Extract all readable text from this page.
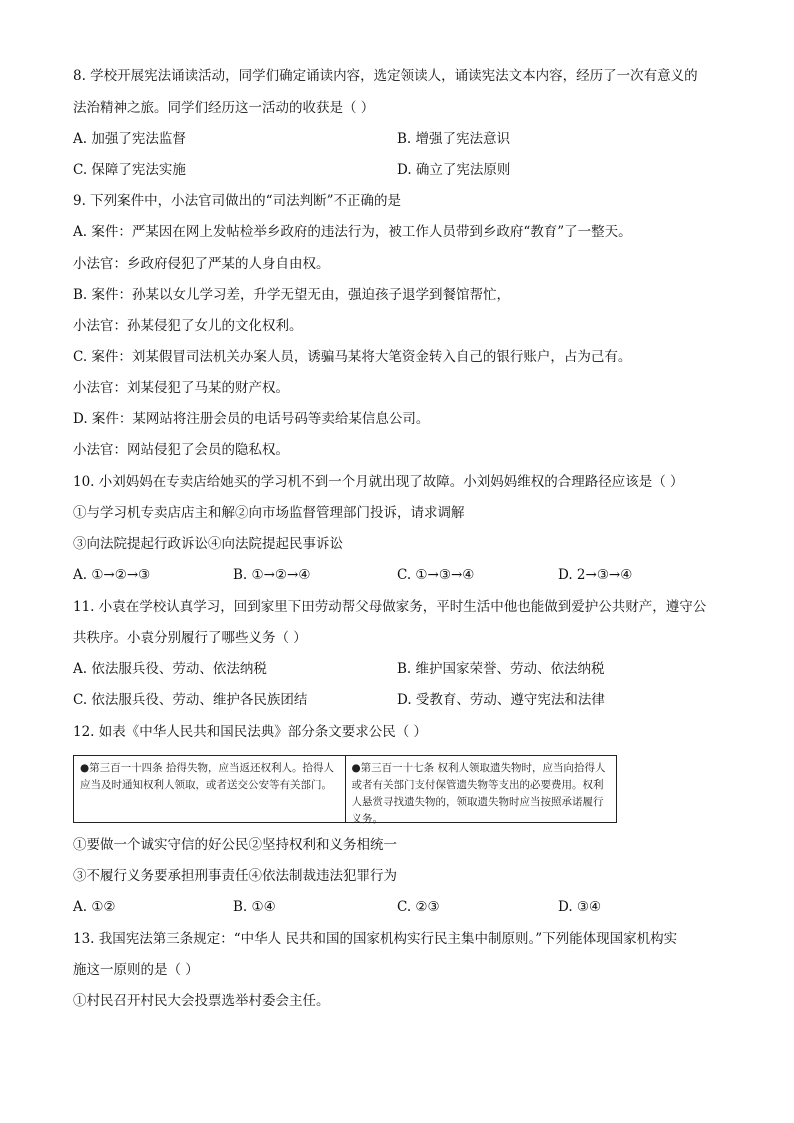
8. 学校开展宪法诵读活动，同学们确定诵读内容，选定领读人，诵读宪法文本内容，经历了一次有意义的
法治精神之旅。同学们经历这一活动的收获是（ ）
A. 加强了宪法监督	B. 增强了宪法意识
C. 保障了宪法实施	D. 确立了宪法原则
9. 下列案件中，小法官司做出的“司法判断”不正确的是
A. 案件：严某因在网上发帖检举乡政府的违法行为，被工作人员带到乡政府“教育”了一整天。
小法官：乡政府侵犯了严某的人身自由权。
B. 案件：孙某以女儿学习差，升学无望无由，强迫孩子退学到餐馆帮忙，
小法官：孙某侵犯了女儿的文化权利。
C. 案件：刘某假冒司法机关办案人员，诱骗马某将大笔资金转入自己的银行账户，占为己有。
小法官：刘某侵犯了马某的财产权。
D. 案件：某网站将注册会员的电话号码等卖给某信息公司。
小法官：网站侵犯了会员的隐私权。
10. 小刘妈妈在专卖店给她买的学习机不到一个月就出现了故障。小刘妈妈维权的合理路径应该是（ ）
①与学习机专卖店店主和解②向市场监督管理部门投诉，请求调解
③向法院提起行政诉讼④向法院提起民事诉讼
A. ①→②→③	B. ①→②→④	C. ①→③→④	D. 2→③→④
11. 小袁在学校认真学习，回到家里下田劳动帮父母做家务，平时生活中他也能做到爱护公共财产，遵守公
共秩序。小袁分别履行了哪些义务（ ）
A. 依法服兵役、劳动、依法纳税	B. 维护国家荣誉、劳动、依法纳税
C. 依法服兵役、劳动、维护各民族团结	D. 受教育、劳动、遵守宪法和法律
12. 如表《中华人民共和国民法典》部分条文要求公民（ ）
●第三百一十四条 拾得失物，应当返还权利人。拾得人应当及时通知权利人领取，或者送交公安等有关部门。
●第三百一十七条 权利人领取遗失物时，应当向拾得人或者有关部门支付保管遗失物等支出的必要费用。权利人悬赏寻找遗失物的，领取遗失物时应当按照承诺履行义务。
①要做一个诚实守信的好公民②坚持权利和义务相统一
③不履行义务要承担刑事责任④依法制裁违法犯罪行为
A. ①②	B. ①④	C. ②③	D. ③④
13. 我国宪法第三条规定：“中华人 民共和国的国家机构实行民主集中制原则。”下列能体现国家机构实
施这一原则的是（ ）
①村民召开村民大会投票选举村委会主任。
